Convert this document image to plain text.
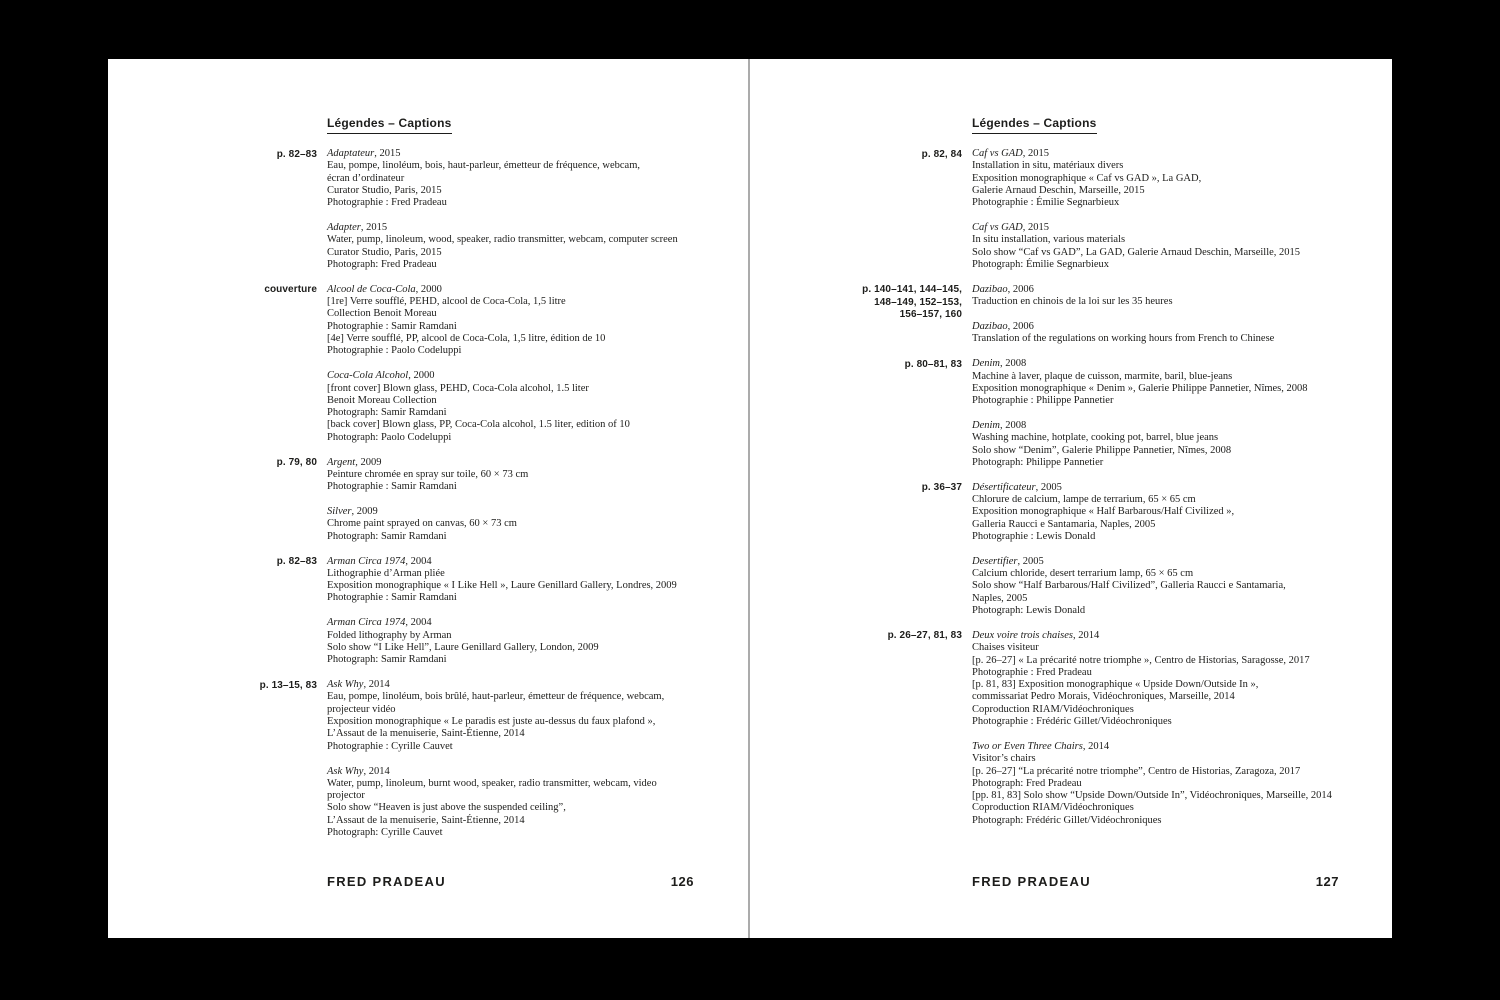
Légendes – Captions
p. 82–83 Adaptateur, 2015
Eau, pompe, linoléum, bois, haut-parleur, émetteur de fréquence, webcam,
écran d’ordinateur
Curator Studio, Paris, 2015
Photographie : Fred Pradeau
Adapter, 2015
Water, pump, linoleum, wood, speaker, radio transmitter, webcam, computer screen
Curator Studio, Paris, 2015
Photograph: Fred Pradeau
couverture Alcool de Coca-Cola, 2000
[1re] Verre soufflé, PEHD, alcool de Coca-Cola, 1,5 litre
Collection Benoit Moreau
Photographie : Samir Ramdani
[4e] Verre soufflé, PP, alcool de Coca-Cola, 1,5 litre, édition de 10
Photographie : Paolo Codeluppi
Coca-Cola Alcohol, 2000
[front cover] Blown glass, PEHD, Coca-Cola alcohol, 1.5 liter
Benoit Moreau Collection
Photograph: Samir Ramdani
[back cover] Blown glass, PP, Coca-Cola alcohol, 1.5 liter, edition of 10
Photograph: Paolo Codeluppi
p. 79, 80 Argent, 2009
Peinture chromée en spray sur toile, 60 × 73 cm
Photographie : Samir Ramdani
Silver, 2009
Chrome paint sprayed on canvas, 60 × 73 cm
Photograph: Samir Ramdani
p. 82–83 Arman Circa 1974, 2004
Lithographie d’Arman pliée
Exposition monographique « I Like Hell », Laure Genillard Gallery, Londres, 2009
Photographie : Samir Ramdani
Arman Circa 1974, 2004
Folded lithography by Arman
Solo show “I Like Hell”, Laure Genillard Gallery, London, 2009
Photograph: Samir Ramdani
p. 13–15, 83 Ask Why, 2014
Eau, pompe, linoléum, bois brûlé, haut-parleur, émetteur de fréquence, webcam,
projecteur vidéo
Exposition monographique « Le paradis est juste au-dessus du faux plafond »,
L’Assaut de la menuiserie, Saint-Étienne, 2014
Photographie : Cyrille Cauvet
Ask Why, 2014
Water, pump, linoleum, burnt wood, speaker, radio transmitter, webcam, video
projector
Solo show “Heaven is just above the suspended ceiling”,
L’Assaut de la menuiserie, Saint-Étienne, 2014
Photograph: Cyrille Cauvet
FRED PRADEAU	126
Légendes – Captions
p. 82, 84 Caf vs GAD, 2015
Installation in situ, matériaux divers
Exposition monographique « Caf vs GAD », La GAD,
Galerie Arnaud Deschin, Marseille, 2015
Photographie : Émilie Segnarbieux
Caf vs GAD, 2015
In situ installation, various materials
Solo show “Caf vs GAD”, La GAD, Galerie Arnaud Deschin, Marseille, 2015
Photograph: Émilie Segnarbieux
p. 140–141, 144–145,
148–149, 152–153,
156–157, 160
Dazibao, 2006
Traduction en chinois de la loi sur les 35 heures
Dazibao, 2006
Translation of the regulations on working hours from French to Chinese
p. 80–81, 83 Denim, 2008
Machine à laver, plaque de cuisson, marmite, baril, blue-jeans
Exposition monographique « Denim », Galerie Philippe Pannetier, Nîmes, 2008
Photographie : Philippe Pannetier
Denim, 2008
Washing machine, hotplate, cooking pot, barrel, blue jeans
Solo show “Denim”, Galerie Philippe Pannetier, Nîmes, 2008
Photograph: Philippe Pannetier
p. 36–37 Désertificateur, 2005
Chlorure de calcium, lampe de terrarium, 65 × 65 cm
Exposition monographique « Half Barbarous/Half Civilized »,
Galleria Raucci e Santamaria, Naples, 2005
Photographie : Lewis Donald
Desertifier, 2005
Calcium chloride, desert terrarium lamp, 65 × 65 cm
Solo show “Half Barbarous/Half Civilized”, Galleria Raucci e Santamaria,
Naples, 2005
Photograph: Lewis Donald
p. 26–27, 81, 83 Deux voire trois chaises, 2014
Chaises visiteur
[p. 26–27] « La précarité notre triomphe », Centro de Historias, Saragosse, 2017
Photographie : Fred Pradeau
[p. 81, 83] Exposition monographique « Upside Down/Outside In »,
commissariat Pedro Morais, Vidéochroniques, Marseille, 2014
Coproduction RIAM/Vidéochroniques
Photographie : Frédéric Gillet/Vidéochroniques
Two or Even Three Chairs, 2014
Visitor’s chairs
[p. 26–27] “La précarité notre triomphe”, Centro de Historias, Zaragoza, 2017
Photograph: Fred Pradeau
[pp. 81, 83] Solo show “Upside Down/Outside In”, Vidéochroniques, Marseille, 2014
Coproduction RIAM/Vidéochroniques
Photograph: Frédéric Gillet/Vidéochroniques
FRED PRADEAU	127
